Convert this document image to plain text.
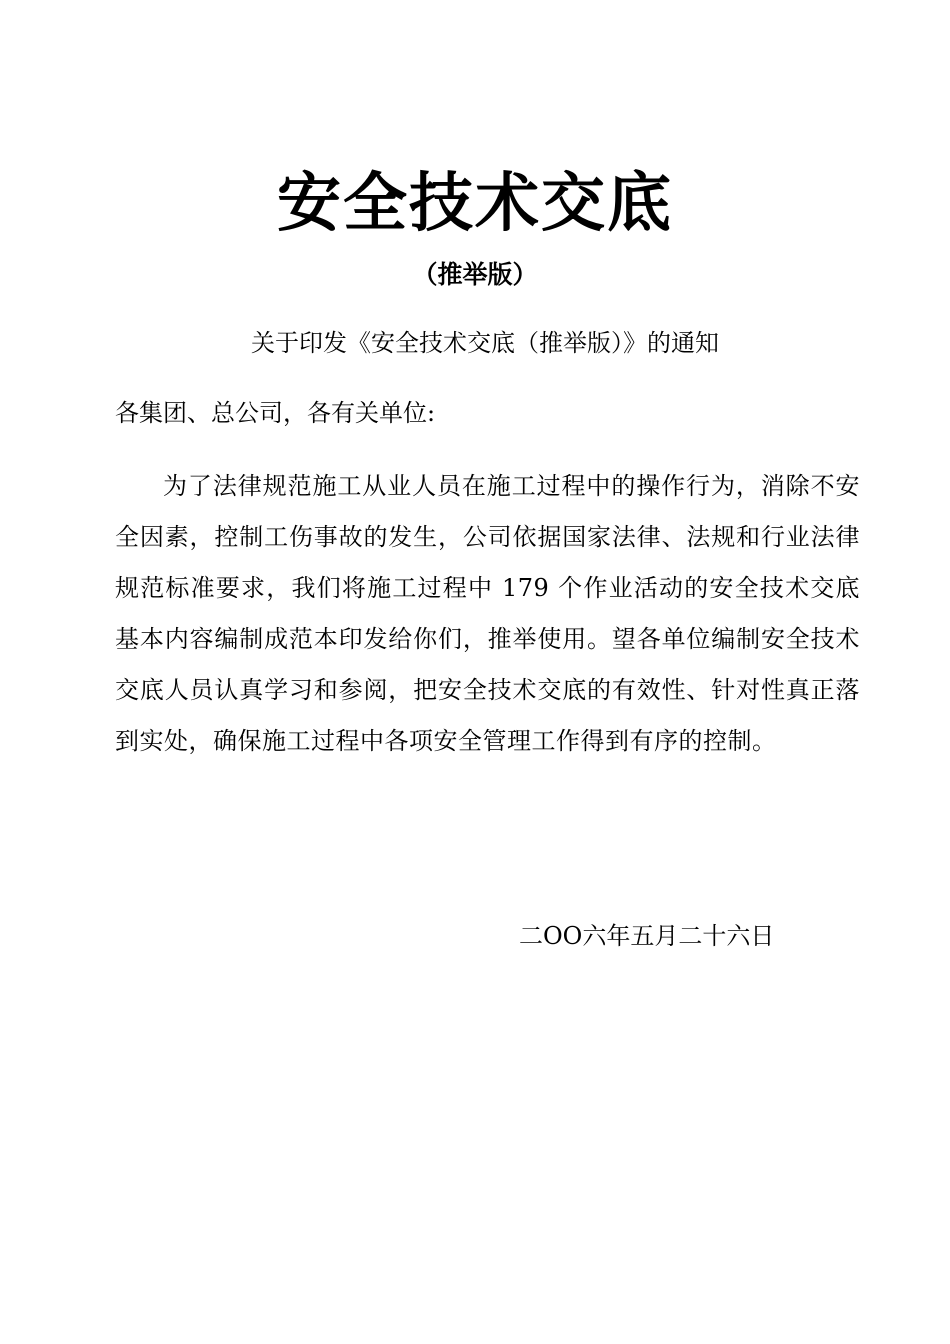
安全技术交底
（推举版）
关于印发《安全技术交底（推举版）》的通知
各集团、总公司，各有关单位:
为了法律规范施工从业人员在施工过程中的操作行为，消除不安全因素，控制工伤事故的发生，公司依据国家法律、法规和行业法律规范标准要求，我们将施工过程中 179 个作业活动的安全技术交底基本内容编制成范本印发给你们，推举使用。望各单位编制安全技术交底人员认真学习和参阅，把安全技术交底的有效性、针对性真正落到实处，确保施工过程中各项安全管理工作得到有序的控制。
二OO六年五月二十六日
